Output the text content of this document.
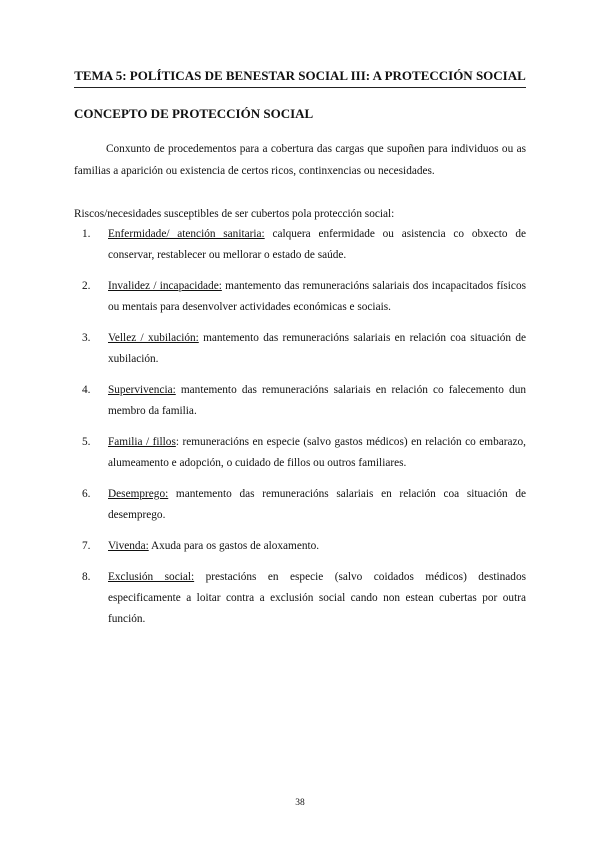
TEMA 5: POLÍTICAS DE BENESTAR SOCIAL III: A PROTECCIÓN SOCIAL
CONCEPTO DE PROTECCIÓN SOCIAL

Conxunto de procedementos para a cobertura das cargas que supoñen para individuos ou as familias a aparición ou existencia de certos ricos, continxencias ou necesidades.

Riscos/necesidades susceptibles de ser cubertos pola protección social:

1. Enfermidade/ atención sanitaria: calquera enfermidade ou asistencia co obxecto de conservar, restablecer ou mellorar o estado de saúde.
2. Invalidez / incapacidade: mantemento das remuneracións salariais dos incapacitados físicos ou mentais para desenvolver actividades económicas e sociais.
3. Vellez / xubilación: mantemento das remuneracións salariais en relación coa situación de xubilación.
4. Supervivencia: mantemento das remuneracións salariais en relación co falecemento dun membro da familia.
5. Familia / fillos: remuneracións en especie (salvo gastos médicos) en relación co embarazo, alumeamento e adopción, o cuidado de fillos ou outros familiares.
6. Desemprego: mantemento das remuneracións salariais en relación coa situación de desemprego.
7. Vivenda: Axuda para os gastos de aloxamento.
8. Exclusión social: prestacións en especie (salvo coidados médicos) destinados especificamente a loitar contra a exclusión social cando non estean cubertas por outra función.
38
